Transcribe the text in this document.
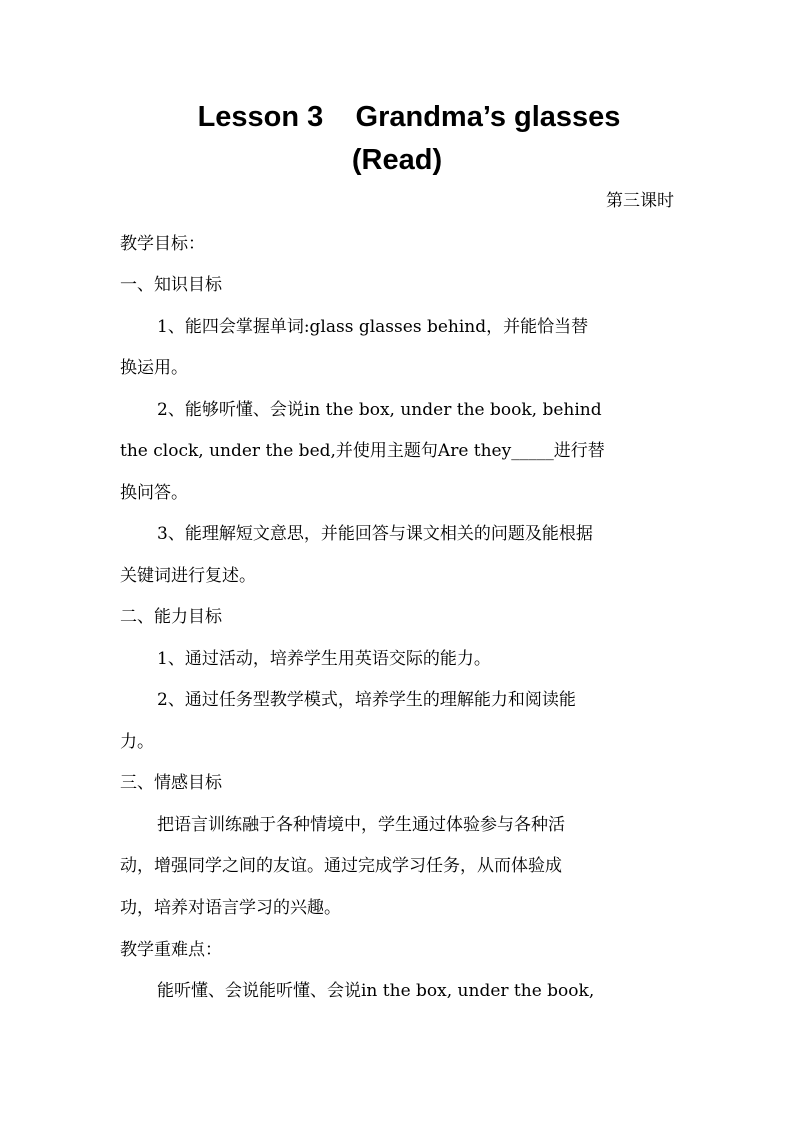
Lesson 3    Grandma’s glasses
(Read)
第三课时
教学目标：
一、知识目标
1、能四会掌握单词:glass glasses behind，并能恰当替
换运用。
2、能够听懂、会说in the box, under the book, behind
the clock, under the bed,并使用主题句Are they_____进行替
换问答。
3、能理解短文意思，并能回答与课文相关的问题及能根据
关键词进行复述。
二、能力目标
1、通过活动，培养学生用英语交际的能力。
2、通过任务型教学模式，培养学生的理解能力和阅读能
力。
三、情感目标
把语言训练融于各种情境中，学生通过体验参与各种活
动，增强同学之间的友谊。通过完成学习任务，从而体验成
功，培养对语言学习的兴趣。
教学重难点：
能听懂、会说能听懂、会说in the box, under the book,
